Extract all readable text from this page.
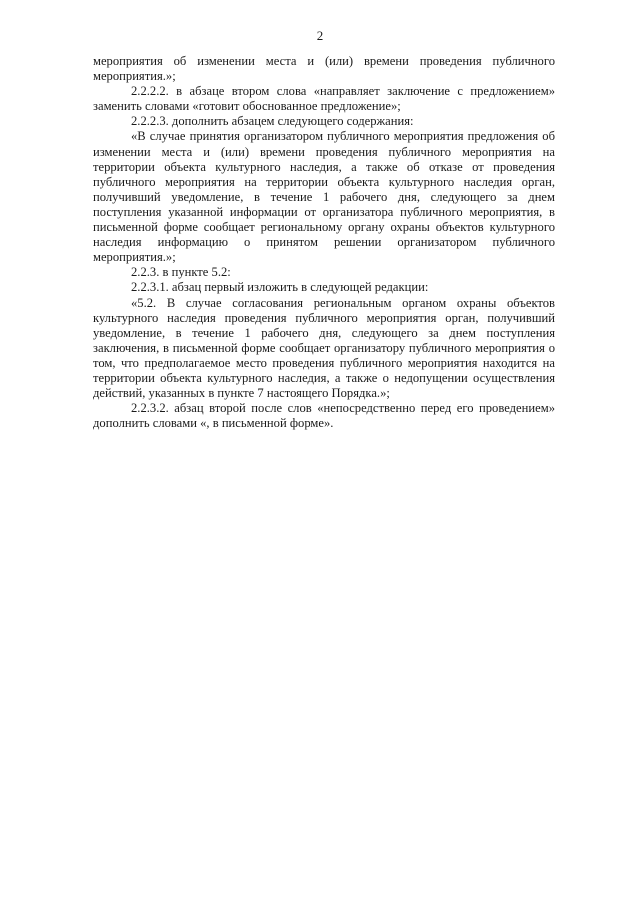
2

мероприятия об изменении места и (или) времени проведения публичного мероприятия.»;

2.2.2.2. в абзаце втором слова «направляет заключение с предложением» заменить словами «готовит обоснованное предложение»;

2.2.2.3. дополнить абзацем следующего содержания:

«В случае принятия организатором публичного мероприятия предложения об изменении места и (или) времени проведения публичного мероприятия на территории объекта культурного наследия, а также об отказе от проведения публичного мероприятия на территории объекта культурного наследия орган, получивший уведомление, в течение 1 рабочего дня, следующего за днем поступления указанной информации от организатора публичного мероприятия, в письменной форме сообщает региональному органу охраны объектов культурного наследия информацию о принятом решении организатором публичного мероприятия.»;

2.2.3. в пункте 5.2:

2.2.3.1. абзац первый изложить в следующей редакции:

«5.2. В случае согласования региональным органом охраны объектов культурного наследия проведения публичного мероприятия орган, получивший уведомление, в течение 1 рабочего дня, следующего за днем поступления заключения, в письменной форме сообщает организатору публичного мероприятия о том, что предполагаемое место проведения публичного мероприятия находится на территории объекта культурного наследия, а также о недопущении осуществления действий, указанных в пункте 7 настоящего Порядка.»;

2.2.3.2. абзац второй после слов «непосредственно перед его проведением» дополнить словами «, в письменной форме».
